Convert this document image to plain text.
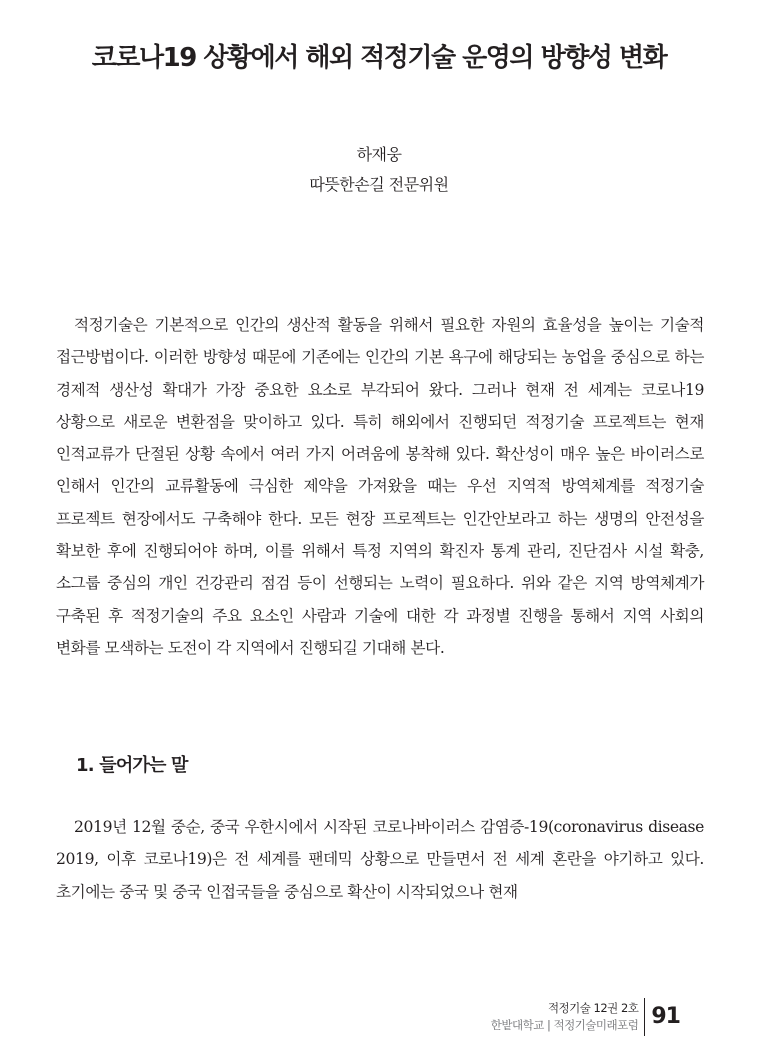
코로나19 상황에서 해외 적정기술 운영의 방향성 변화
하재웅
따뜻한손길 전문위원

적정기술은 기본적으로 인간의 생산적 활동을 위해서 필요한 자원의 효율성을 높이는 기술적 접근방법이다. 이러한 방향성 때문에 기존에는 인간의 기본 욕구에 해당되는 농업을 중심으로 하는 경제적 생산성 확대가 가장 중요한 요소로 부각되어 왔다. 그러나 현재 전 세계는 코로나19 상황으로 새로운 변환점을 맞이하고 있다. 특히 해외에서 진행되던 적정기술 프로젝트는 현재 인적교류가 단절된 상황 속에서 여러 가지 어려움에 봉착해 있다. 확산성이 매우 높은 바이러스로 인해서 인간의 교류활동에 극심한 제약을 가져왔을 때는 우선 지역적 방역체계를 적정기술 프로젝트 현장에서도 구축해야 한다. 모든 현장 프로젝트는 인간안보라고 하는 생명의 안전성을 확보한 후에 진행되어야 하며, 이를 위해서 특정 지역의 확진자 통계 관리, 진단검사 시설 확충, 소그룹 중심의 개인 건강관리 점검 등이 선행되는 노력이 필요하다. 위와 같은 지역 방역체계가 구축된 후 적정기술의 주요 요소인 사람과 기술에 대한 각 과정별 진행을 통해서 지역 사회의 변화를 모색하는 도전이 각 지역에서 진행되길 기대해 본다.

1. 들어가는 말

2019년 12월 중순, 중국 우한시에서 시작된 코로나바이러스 감염증-19(coronavirus disease 2019, 이후 코로나19)은 전 세계를 팬데믹 상황으로 만들면서 전 세계 혼란을 야기하고 있다. 초기에는 중국 및 중국 인접국들을 중심으로 확산이 시작되었으나 현재

적정기술 12권 2호
한밭대학교 | 적정기술미래포럼 91
